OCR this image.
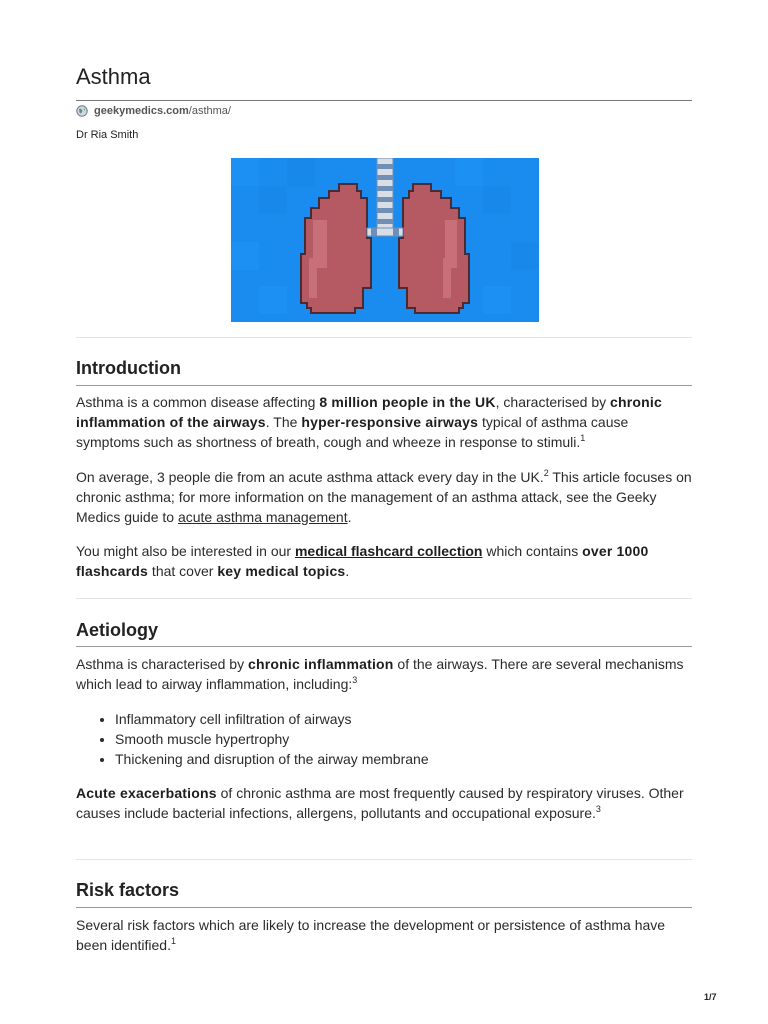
Asthma
geekymedics.com /asthma/
Dr Ria Smith
Introduction

Asthma is a common disease affecting 8 million people in the UK, characterised by chronic inflammation of the airways. The hyper-responsive airways typical of asthma cause symptoms such as shortness of breath, cough and wheeze in response to stimuli.$^1$

On average, 3 people die from an acute asthma attack every day in the UK.$^2$ This article focuses on chronic asthma; for more information on the management of an asthma attack, see the Geeky Medics guide to acute asthma management.

You might also be interested in our medical flashcard collection which contains over 1000 flashcards that cover key medical topics.

Aetiology

Asthma is characterised by chronic inflammation of the airways. There are several mechanisms which lead to airway inflammation, including:$^3$

• Inflammatory cell infiltration of airways
• Smooth muscle hypertrophy
• Thickening and disruption of the airway membrane

Acute exacerbations of chronic asthma are most frequently caused by respiratory viruses. Other causes include bacterial infections, allergens, pollutants and occupational exposure.$^3$

Risk factors

Several risk factors which are likely to increase the development or persistence of asthma have been identified.$^1$

1/7
